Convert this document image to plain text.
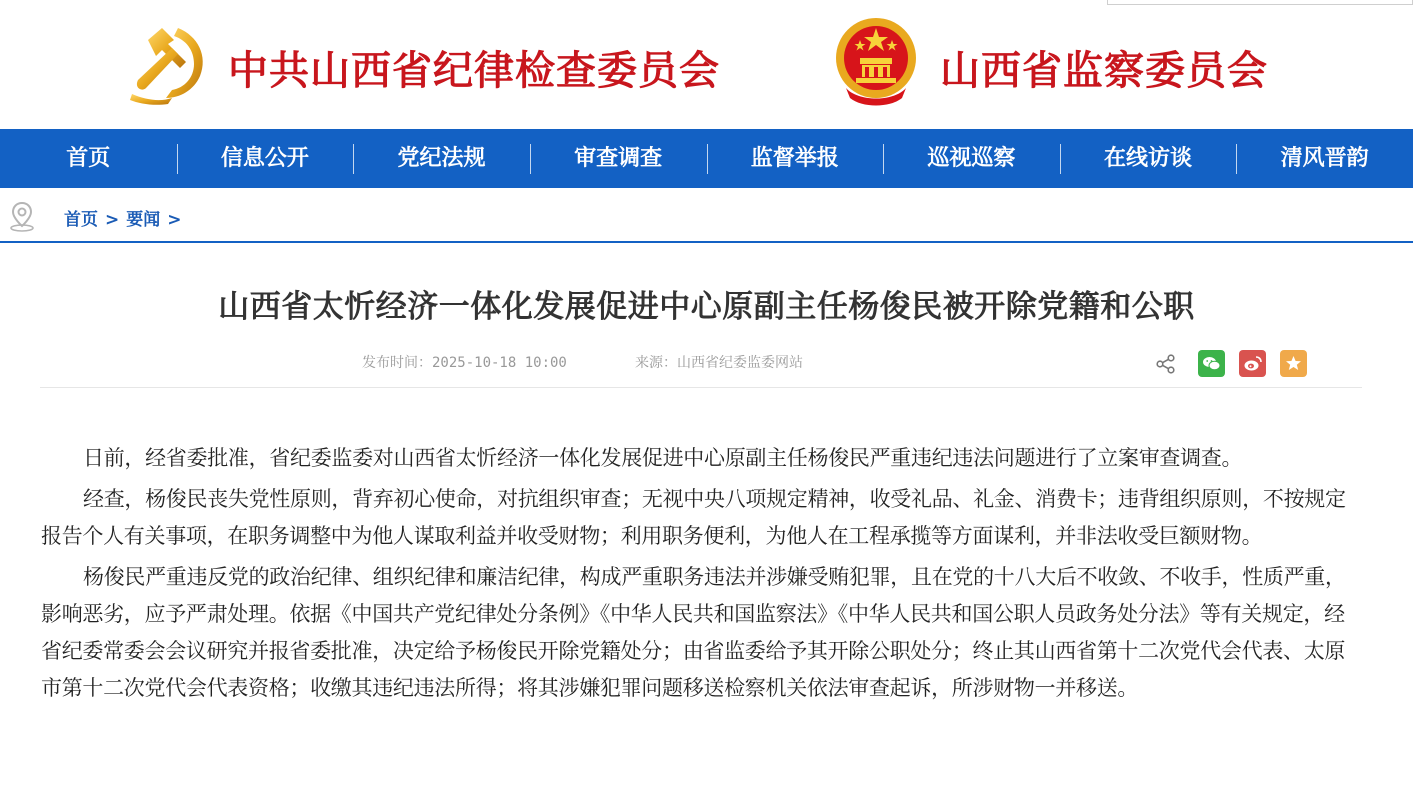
中共山西省纪律检查委员会	山西省监察委员会
首页	信息公开	党纪法规	审查调查	监督举报	巡视巡察	在线访谈	清风晋韵
首页 > 要闻 >
山西省太忻经济一体化发展促进中心原副主任杨俊民被开除党籍和公职
发布时间：2025-10-18 10:00	来源：山西省纪委监委网站

日前，经省委批准，省纪委监委对山西省太忻经济一体化发展促进中心原副主任杨俊民严重违纪违法问题进行了立案审查调查。

经查，杨俊民丧失党性原则，背弃初心使命，对抗组织审查；无视中央八项规定精神，收受礼品、礼金、消费卡；违背组织原则，不按规定报告个人有关事项，在职务调整中为他人谋取利益并收受财物；利用职务便利，为他人在工程承揽等方面谋利，并非法收受巨额财物。

杨俊民严重违反党的政治纪律、组织纪律和廉洁纪律，构成严重职务违法并涉嫌受贿犯罪，且在党的十八大后不收敛、不收手，性质严重，影响恶劣，应予严肃处理。依据《中国共产党纪律处分条例》《中华人民共和国监察法》《中华人民共和国公职人员政务处分法》等有关规定，经省纪委常委会会议研究并报省委批准，决定给予杨俊民开除党籍处分；由省监委给予其开除公职处分；终止其山西省第十二次党代会代表、太原市第十二次党代会代表资格；收缴其违纪违法所得；将其涉嫌犯罪问题移送检察机关依法审查起诉，所涉财物一并移送。
